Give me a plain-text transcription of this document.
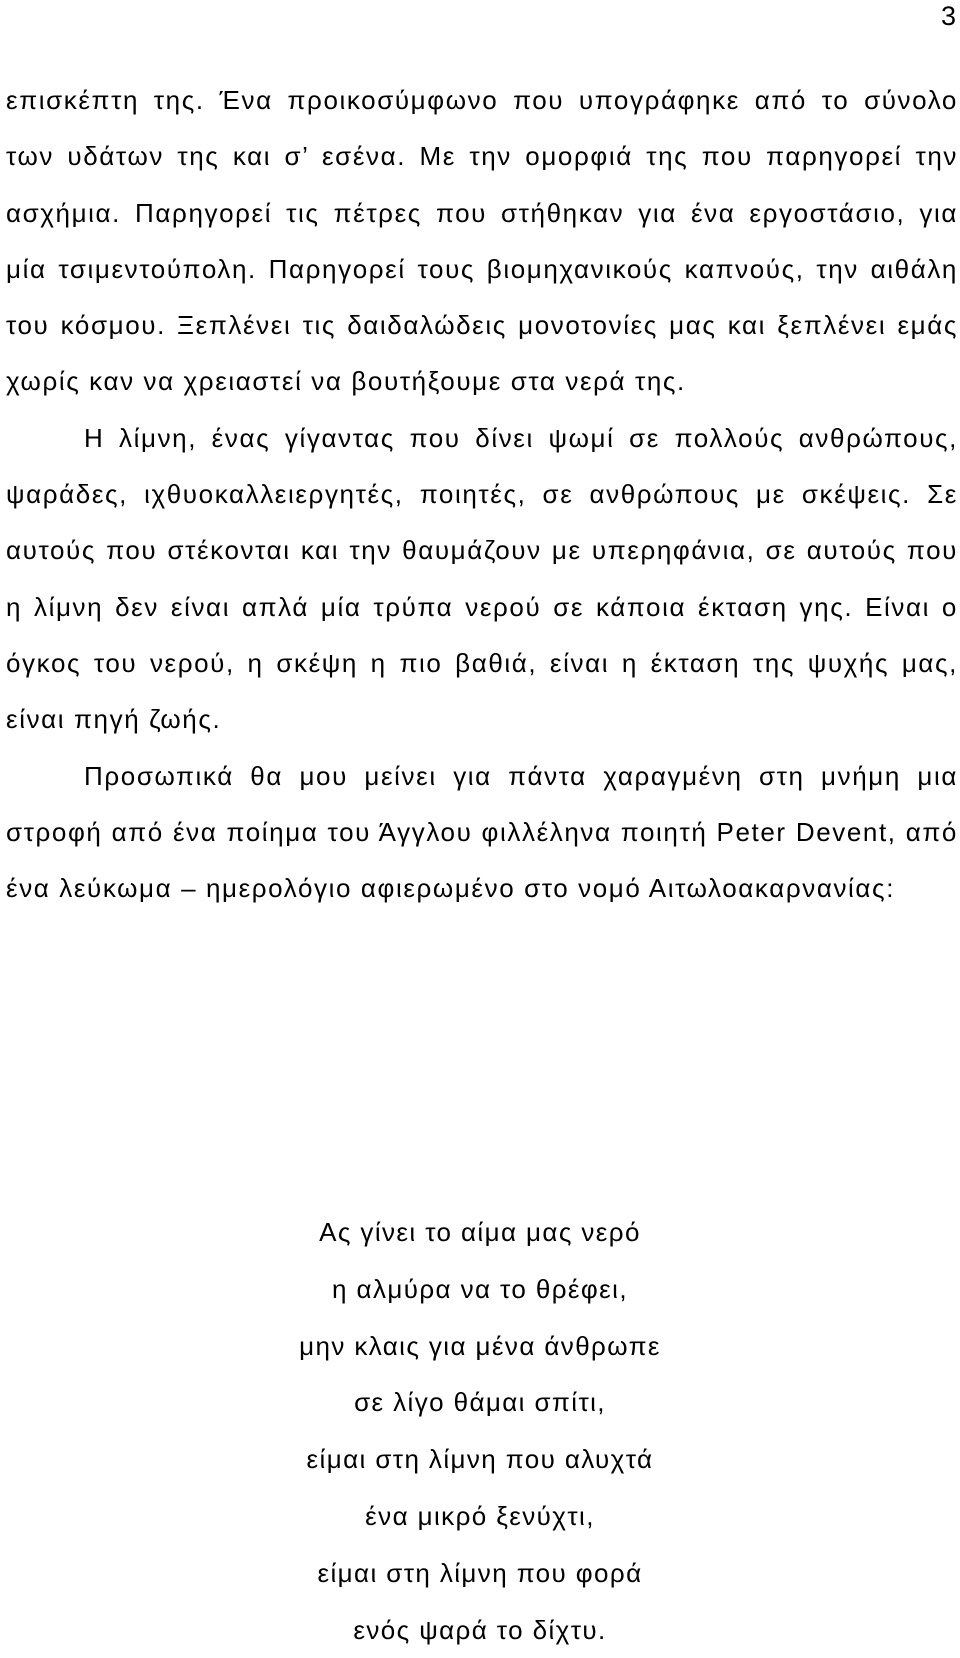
3

επισκέπτη της. Ένα προικοσύμφωνο που υπογράφηκε από το σύνολο των υδάτων της και σ’ εσένα. Με την ομορφιά της που παρηγορεί την ασχήμια. Παρηγορεί τις πέτρες που στήθηκαν για ένα εργοστάσιο, για μία τσιμεντούπολη. Παρηγορεί τους βιομηχανικούς καπνούς, την αιθάλη του κόσμου. Ξεπλένει τις δαιδαλώδεις μονοτονίες μας και ξεπλένει εμάς χωρίς καν να χρειαστεί να βουτήξουμε στα νερά της.

Η λίμνη, ένας γίγαντας που δίνει ψωμί σε πολλούς ανθρώπους, ψαράδες, ιχθυοκαλλειεργητές, ποιητές, σε ανθρώπους με σκέψεις. Σε αυτούς που στέκονται και την θαυμάζουν με υπερηφάνια, σε αυτούς που η λίμνη δεν είναι απλά μία τρύπα νερού σε κάποια έκταση γης. Είναι ο όγκος του νερού, η σκέψη η πιο βαθιά, είναι η έκταση της ψυχής μας, είναι πηγή ζωής.

Προσωπικά θα μου μείνει για πάντα χαραγμένη στη μνήμη μια στροφή από ένα ποίημα του Άγγλου φιλλέληνα ποιητή Peter Devent, από ένα λεύκωμα – ημερολόγιο αφιερωμένο στο νομό Αιτωλοακαρνανίας:

Ας γίνει το αίμα μας νερό
η αλμύρα να το θρέφει,
μην κλαις για μένα άνθρωπε
σε λίγο θάμαι σπίτι,
είμαι στη λίμνη που αλυχτά
ένα μικρό ξενύχτι,
είμαι στη λίμνη που φορά
ενός ψαρά το δίχτυ.
